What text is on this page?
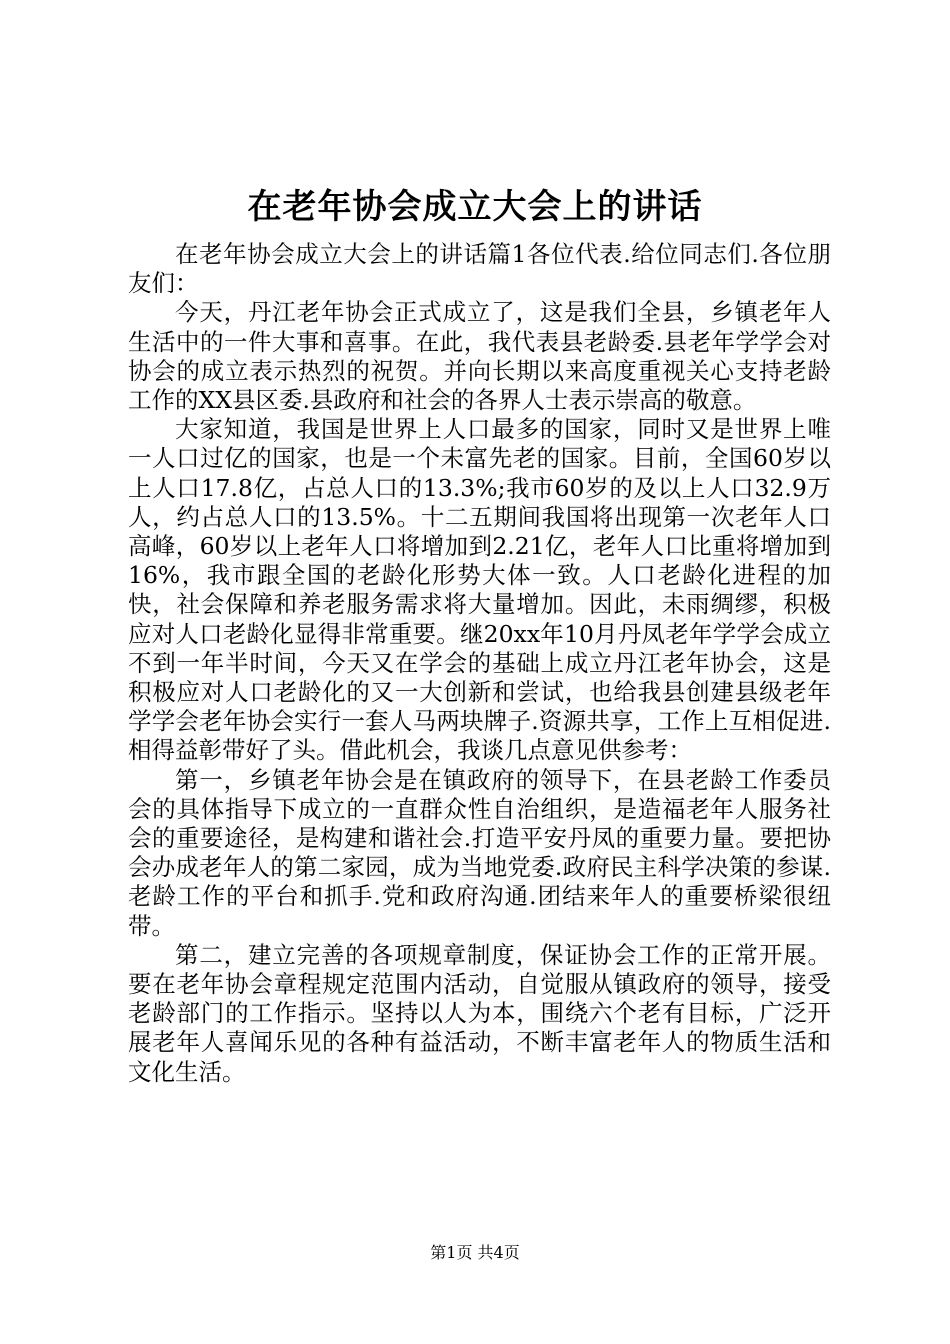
在老年协会成立大会上的讲话

在老年协会成立大会上的讲话篇1各位代表.给位同志们.各位朋友们：

今天，丹江老年协会正式成立了，这是我们全县，乡镇老年人生活中的一件大事和喜事。在此，我代表县老龄委.县老年学学会对协会的成立表示热烈的祝贺。并向长期以来高度重视关心支持老龄工作的XX县区委.县政府和社会的各界人士表示崇高的敬意。

大家知道，我国是世界上人口最多的国家，同时又是世界上唯一人口过亿的国家，也是一个未富先老的国家。目前，全国60岁以上人口17.8亿，占总人口的13.3%;我市60岁的及以上人口32.9万人，约占总人口的13.5%。十二五期间我国将出现第一次老年人口高峰，60岁以上老年人口将增加到2.21亿，老年人口比重将增加到16%，我市跟全国的老龄化形势大体一致。人口老龄化进程的加快，社会保障和养老服务需求将大量增加。因此，未雨绸缪，积极应对人口老龄化显得非常重要。继20xx年10月丹凤老年学学会成立不到一年半时间，今天又在学会的基础上成立丹江老年协会，这是积极应对人口老龄化的又一大创新和尝试，也给我县创建县级老年学学会老年协会实行一套人马两块牌子.资源共享，工作上互相促进.相得益彰带好了头。借此机会，我谈几点意见供参考：

第一，乡镇老年协会是在镇政府的领导下，在县老龄工作委员会的具体指导下成立的一直群众性自治组织，是造福老年人服务社会的重要途径，是构建和谐社会.打造平安丹凤的重要力量。要把协会办成老年人的第二家园，成为当地党委.政府民主科学决策的参谋.老龄工作的平台和抓手.党和政府沟通.团结来年人的重要桥梁很纽带。

第二，建立完善的各项规章制度，保证协会工作的正常开展。要在老年协会章程规定范围内活动，自觉服从镇政府的领导，接受老龄部门的工作指示。坚持以人为本，围绕六个老有目标，广泛开展老年人喜闻乐见的各种有益活动，不断丰富老年人的物质生活和文化生活。

第1页 共4页
